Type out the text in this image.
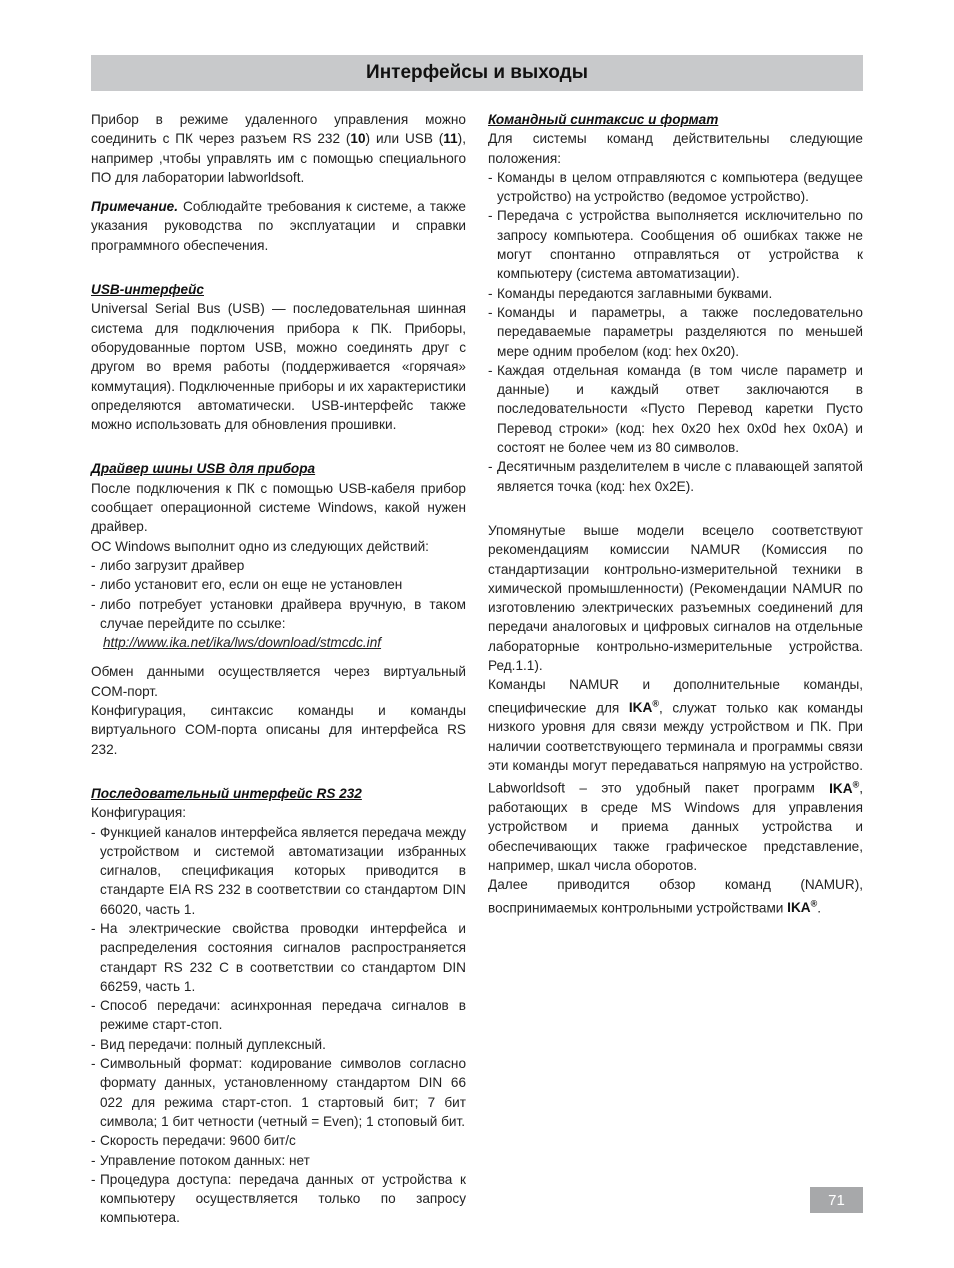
Интерфейсы и выходы

Прибор в режиме удаленного управления можно соединить с ПК через разъем RS 232 (10) или USB (11), например ,чтобы управлять им с помощью специального ПО для лаборатории labworldsoft.

Примечание. Соблюдайте требования к системе, а также указания руководства по эксплуатации и справки программного обеспечения.

USB-интерфейс

Universal Serial Bus (USB) — последовательная шинная система для подключения прибора к ПК. Приборы, оборудованные портом USB, можно соединять друг с другом во время работы (поддерживается «горячая» коммутация). Подключенные приборы и их характеристики определяются автоматически. USB-интерфейс также можно использовать для обновления прошивки.

Драйвер шины USB для прибора

После подключения к ПК с помощью USB-кабеля прибор сообщает операционной системе Windows, какой нужен драйвер.

ОС Windows выполнит одно из следующих действий:

- либо загрузит драйвер
- либо установит его, если он еще не установлен
- либо потребует установки драйвера вручную, в таком случае перейдите по ссылке:
http://www.ika.net/ika/lws/download/stmcdc.inf

Обмен данными осуществляется через виртуальный COM-порт.

Конфигурация, синтаксис команды и команды виртуального COM-порта описаны для интерфейса RS 232.

Последовательный интерфейс RS 232

Конфигурация:

- Функцией каналов интерфейса является передача между устройством и системой автоматизации избранных сигналов, спецификация которых приводится в стандарте EIA RS 232 в соответствии со стандартом DIN 66020, часть 1.
- На электрические свойства проводки интерфейса и распределения состояния сигналов распространяется стандарт RS 232 C в соответствии со стандартом DIN 66259, часть 1.
- Способ передачи: асинхронная передача сигналов в режиме старт-стоп.
- Вид передачи: полный дуплексный.
- Символьный формат: кодирование символов согласно формату данных, установленному стандартом DIN 66 022 для режима старт-стоп. 1 стартовый бит; 7 бит символа; 1 бит четности (четный = Even); 1 стоповый бит.
- Скорость передачи: 9600 бит/с
- Управление потоком данных: нет
- Процедура доступа: передача данных от устройства к компьютеру осуществляется только по запросу компьютера.

Командный синтаксис и формат

Для системы команд действительны следующие положения:

- Команды в целом отправляются с компьютера (ведущее устройство) на устройство (ведомое устройство).
- Передача с устройства выполняется исключительно по запросу компьютера. Сообщения об ошибках также не могут спонтанно отправляться от устройства к компьютеру (система автоматизации).
- Команды передаются заглавными буквами.
- Команды и параметры, а также последовательно передаваемые параметры разделяются по меньшей мере одним пробелом (код: hex 0x20).
- Каждая отдельная команда (в том числе параметр и данные) и каждый ответ заключаются в последовательности «Пусто Перевод каретки Пусто Перевод строки» (код: hex 0x20 hex 0x0d hex 0x0A) и состоят не более чем из 80 символов.
- Десятичным разделителем в числе с плавающей запятой является точка (код: hex 0x2E).

Упомянутые выше модели всецело соответствуют рекомендациям комиссии NAMUR (Комиссия по стандартизации контрольно-измерительной техники в химической промышленности) (Рекомендации NAMUR по изготовлению электрических разъемных соединений для передачи аналоговых и цифровых сигналов на отдельные лабораторные контрольно-измерительные устройства. Ред.1.1).

Команды NAMUR и дополнительные команды, специфические для IKA®, служат только как команды низкого уровня для связи между устройством и ПК. При наличии соответствующего терминала и программы связи эти команды могут передаваться напрямую на устройство. Labworldsoft – это удобный пакет программ IKA®, работающих в среде MS Windows для управления устройством и приема данных устройства и обеспечивающих также графическое представление, например, шкал числа оборотов.

Далее приводится обзор команд (NAMUR), воспринимаемых контрольными устройствами IKA®.

71
